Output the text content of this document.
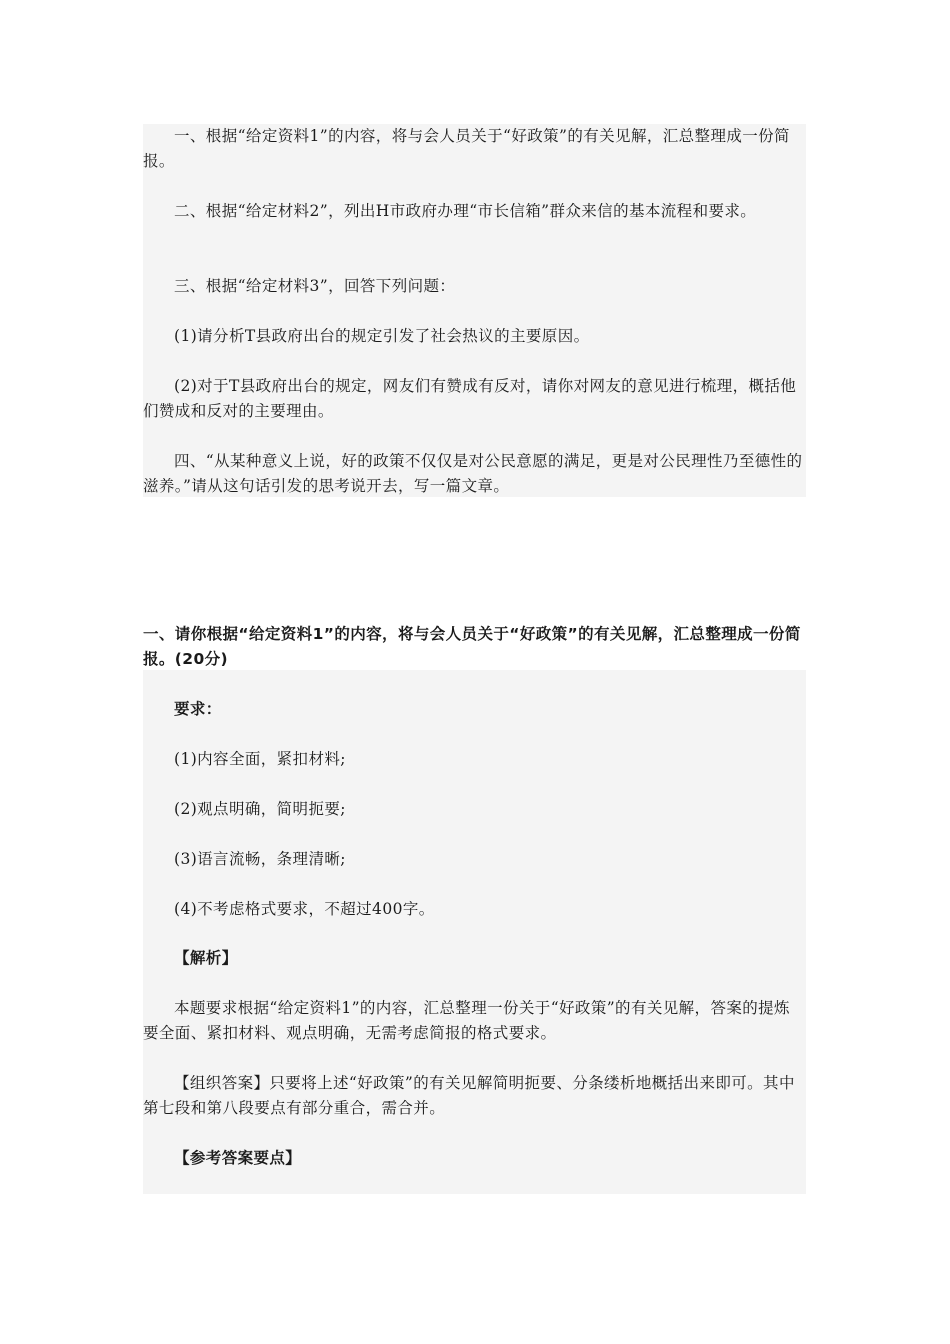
一、根据“给定资料1”的内容，将与会人员关于“好政策”的有关见解，汇总整理成一份简报。

二、根据“给定材料2”，列出H市政府办理“市长信箱”群众来信的基本流程和要求。

三、根据“给定材料3”，回答下列问题：

(1)请分析T县政府出台的规定引发了社会热议的主要原因。

(2)对于T县政府出台的规定，网友们有赞成有反对，请你对网友的意见进行梳理，概括他们赞成和反对的主要理由。

四、“从某种意义上说，好的政策不仅仅是对公民意愿的满足，更是对公民理性乃至德性的滋养。”请从这句话引发的思考说开去，写一篇文章。

一、请你根据“给定资料1”的内容，将与会人员关于“好政策”的有关见解，汇总整理成一份简报。(20分)

要求：

(1)内容全面，紧扣材料;

(2)观点明确，简明扼要;

(3)语言流畅，条理清晰;

(4)不考虑格式要求，不超过400字。

【解析】

本题要求根据“给定资料1”的内容，汇总整理一份关于“好政策”的有关见解，答案的提炼要全面、紧扣材料、观点明确，无需考虑简报的格式要求。

【组织答案】只要将上述“好政策”的有关见解简明扼要、分条缕析地概括出来即可。其中第七段和第八段要点有部分重合，需合并。

【参考答案要点】
